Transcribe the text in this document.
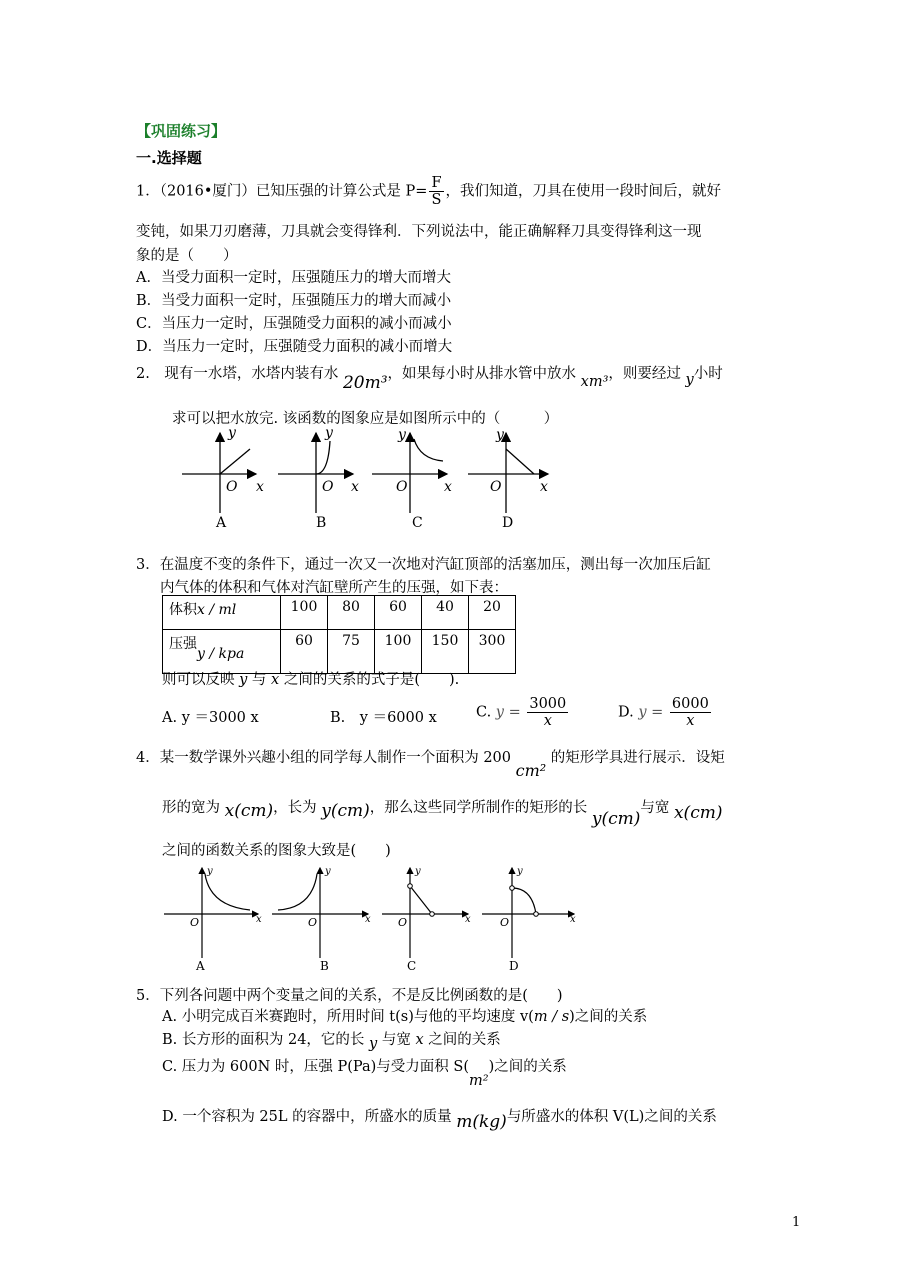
【巩固练习】
一.选择题
1．（2016•厦门）已知压强的计算公式是 $P= \frac{F}{S}$ ，我们知道，刀具在使用一段时间后，就好
变钝，如果刀刃磨薄，刀具就会变得锋利．下列说法中，能正确解释刀具变得锋利这一现
象的是（　　）
A．当受力面积一定时，压强随压力的增大而增大
B．当受力面积一定时，压强随压力的增大而减小
C．当压力一定时，压强随受力面积的减小而减小
D．当压力一定时，压强随受力面积的减小而增大
2.　现有一水塔，水塔内装有水 20m³，如果每小时从排水管中放水 xm³，则要经过 y小时
求可以把水放完. 该函数的图象应是如图所示中的（　　　）
y
x
O
A
y
x
O
B
y
x
O
C
y
x
O
D
3．在温度不变的条件下，通过一次又一次地对汽缸顶部的活塞加压，测出每一次加压后缸
内气体的体积和气体对汽缸壁所产生的压强，如下表：
体积x / ml	100	80	60	40	20
压强y / kpa	60	75	100	150	300
则可以反映 y 与 x 之间的关系的式子是(　　).
A. y ＝3000 x	B.　y ＝6000 x	C. $y = \frac{3000}{x}$	D. $y = \frac{6000}{x}$
4．某一数学课外兴趣小组的同学每人制作一个面积为 200 cm² 的矩形学具进行展示．设矩
形的宽为 x(cm)，长为 y(cm)，那么这些同学所制作的矩形的长 y(cm)与宽 x(cm)
之间的函数关系的图象大致是(　　)
y
x
O
A
y
x
O
B
y
x
O
C
y
x
O
D
5．下列各问题中两个变量之间的关系，不是反比例函数的是(　　)
A. 小明完成百米赛跑时，所用时间 t(s)与他的平均速度 v(m / s)之间的关系
B. 长方形的面积为 24，它的长 y 与宽 x 之间的关系
C. 压力为 600N 时，压强 P(Pa)与受力面积 S(m²)之间的关系
D. 一个容积为 25L 的容器中，所盛水的质量 m(kg)与所盛水的体积 V(L)之间的关系
1
